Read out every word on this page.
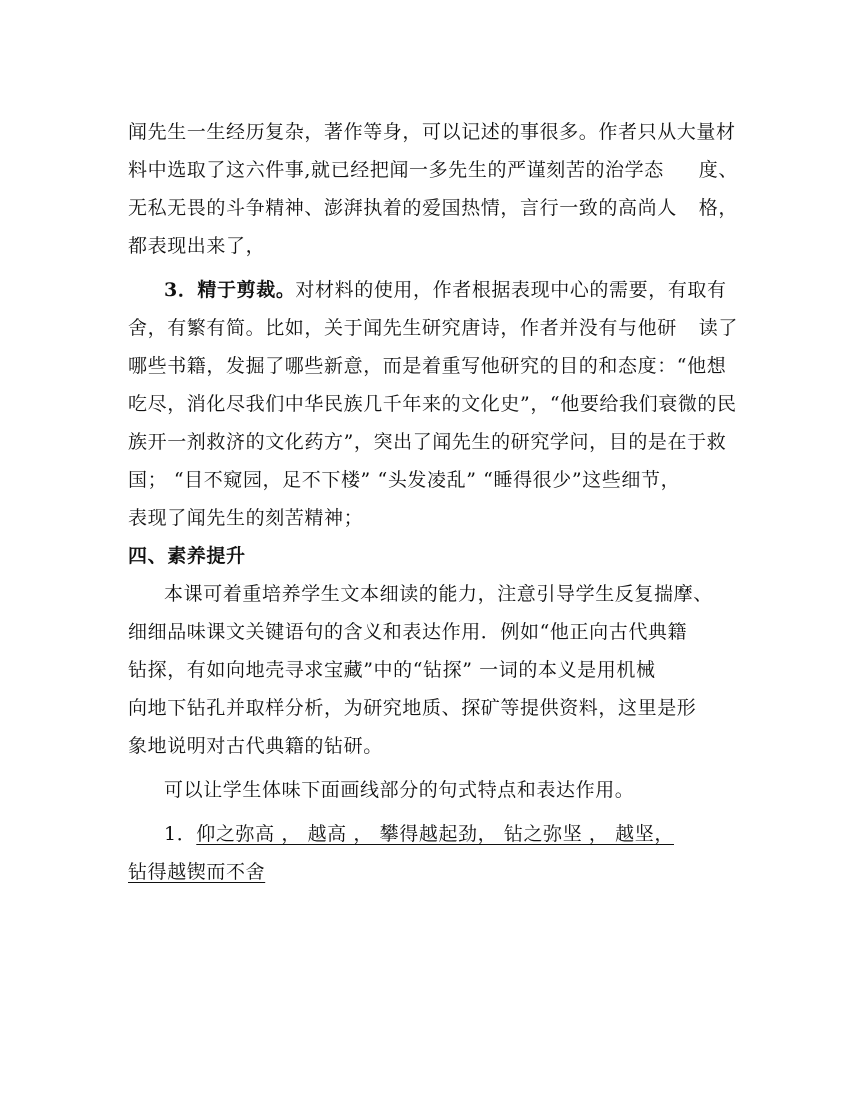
闻先生一生经历复杂，著作等身，可以记述的事很多。作者只从大量材
料中选取了这六件事,就已经把闻一多先生的严谨刻苦的治学态 度、
无私无畏的斗争精神、澎湃执着的爱国热情，言行一致的高尚人 格，
都表现出来了，
3．精于剪裁。对材料的使用，作者根据表现中心的需要，有取有
舍，有繁有简。比如，关于闻先生研究唐诗，作者并没有与他研 读了
哪些书籍，发掘了哪些新意，而是着重写他研究的目的和态度：“他想
吃尽，消化尽我们中华民族几千年来的文化史”，“他要给我们衰微的民
族开一剂救济的文化药方”，突出了闻先生的研究学问，目的是在于救
国； “目不窥园，足不下楼” “头发凌乱” “睡得很少”这些细节，
表现了闻先生的刻苦精神；
四、素养提升
本课可着重培养学生文本细读的能力，注意引导学生反复揣摩、
细细品味课文关键语句的含义和表达作用．例如“他正向古代典籍
钻探，有如向地壳寻求宝藏”中的“钻探” 一词的本义是用机械
向地下钻孔并取样分析，为研究地质、探矿等提供资料，这里是形
象地说明对古代典籍的钻研。
可以让学生体味下面画线部分的句式特点和表达作用。
1．仰之弥高 ， 越高 ， 攀得越起劲， 钻之弥坚 ， 越坚，
钻得越锲而不舍
